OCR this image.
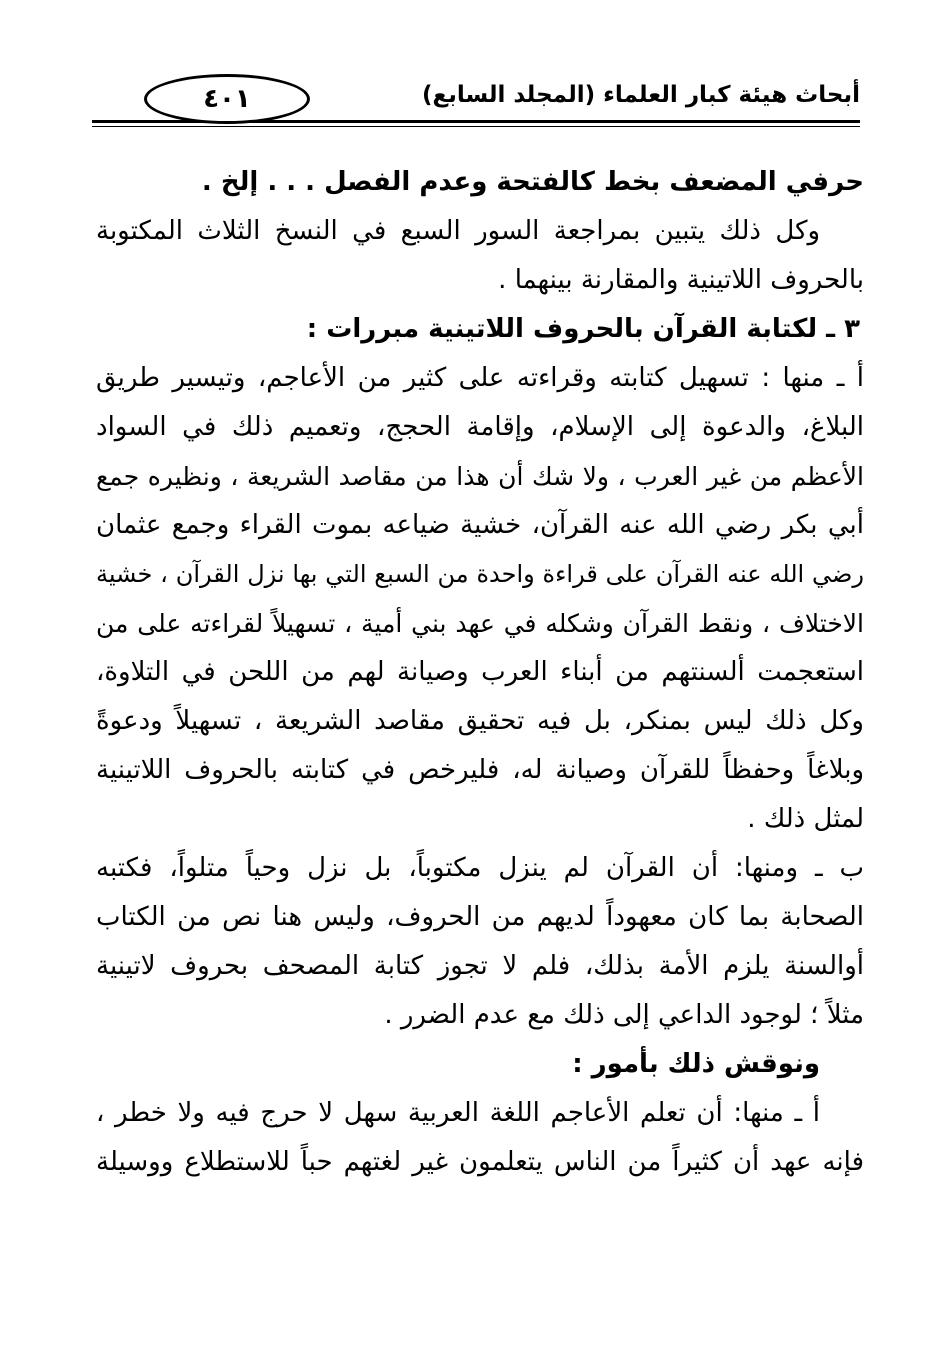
٤٠١	أبحاث هيئة كبار العلماء (المجلد السابع)
حرفي المضعف بخط كالفتحة وعدم الفصل . . . إلخ .
وكل ذلك يتبين بمراجعة السور السبع في النسخ الثلاث المكتوبة
بالحروف اللاتينية والمقارنة بينهما .
٣ ـ لكتابة القرآن بالحروف اللاتينية مبررات :
أ ـ منها : تسهيل كتابته وقراءته على كثير من الأعاجم، وتيسير طريق
البلاغ، والدعوة إلى الإسلام، وإقامة الحجج، وتعميم ذلك في السواد
الأعظم من غير العرب ، ولا شك أن هذا من مقاصد الشريعة ، ونظيره جمع
أبي بكر رضي الله عنه القرآن، خشية ضياعه بموت القراء وجمع عثمان
رضي الله عنه القرآن على قراءة واحدة من السبع التي بها نزل القرآن ، خشية
الاختلاف ، ونقط القرآن وشكله في عهد بني أمية ، تسهيلاً لقراءته على من
استعجمت ألسنتهم من أبناء العرب وصيانة لهم من اللحن في التلاوة،
وكل ذلك ليس بمنكر، بل فيه تحقيق مقاصد الشريعة ، تسهيلاً ودعوةً
وبلاغاً وحفظاً للقرآن وصيانة له، فليرخص في كتابته بالحروف اللاتينية
لمثل ذلك .
ب ـ ومنها: أن القرآن لم ينزل مكتوباً، بل نزل وحياً متلواً، فكتبه
الصحابة بما كان معهوداً لديهم من الحروف، وليس هنا نص من الكتاب
أوالسنة يلزم الأمة بذلك، فلم لا تجوز كتابة المصحف بحروف لاتينية
مثلاً ؛ لوجود الداعي إلى ذلك مع عدم الضرر .
ونوقش ذلك بأمور :
أ ـ منها: أن تعلم الأعاجم اللغة العربية سهل لا حرج فيه ولا خطر ،
فإنه عهد أن كثيراً من الناس يتعلمون غير لغتهم حباً للاستطلاع ووسيلة
